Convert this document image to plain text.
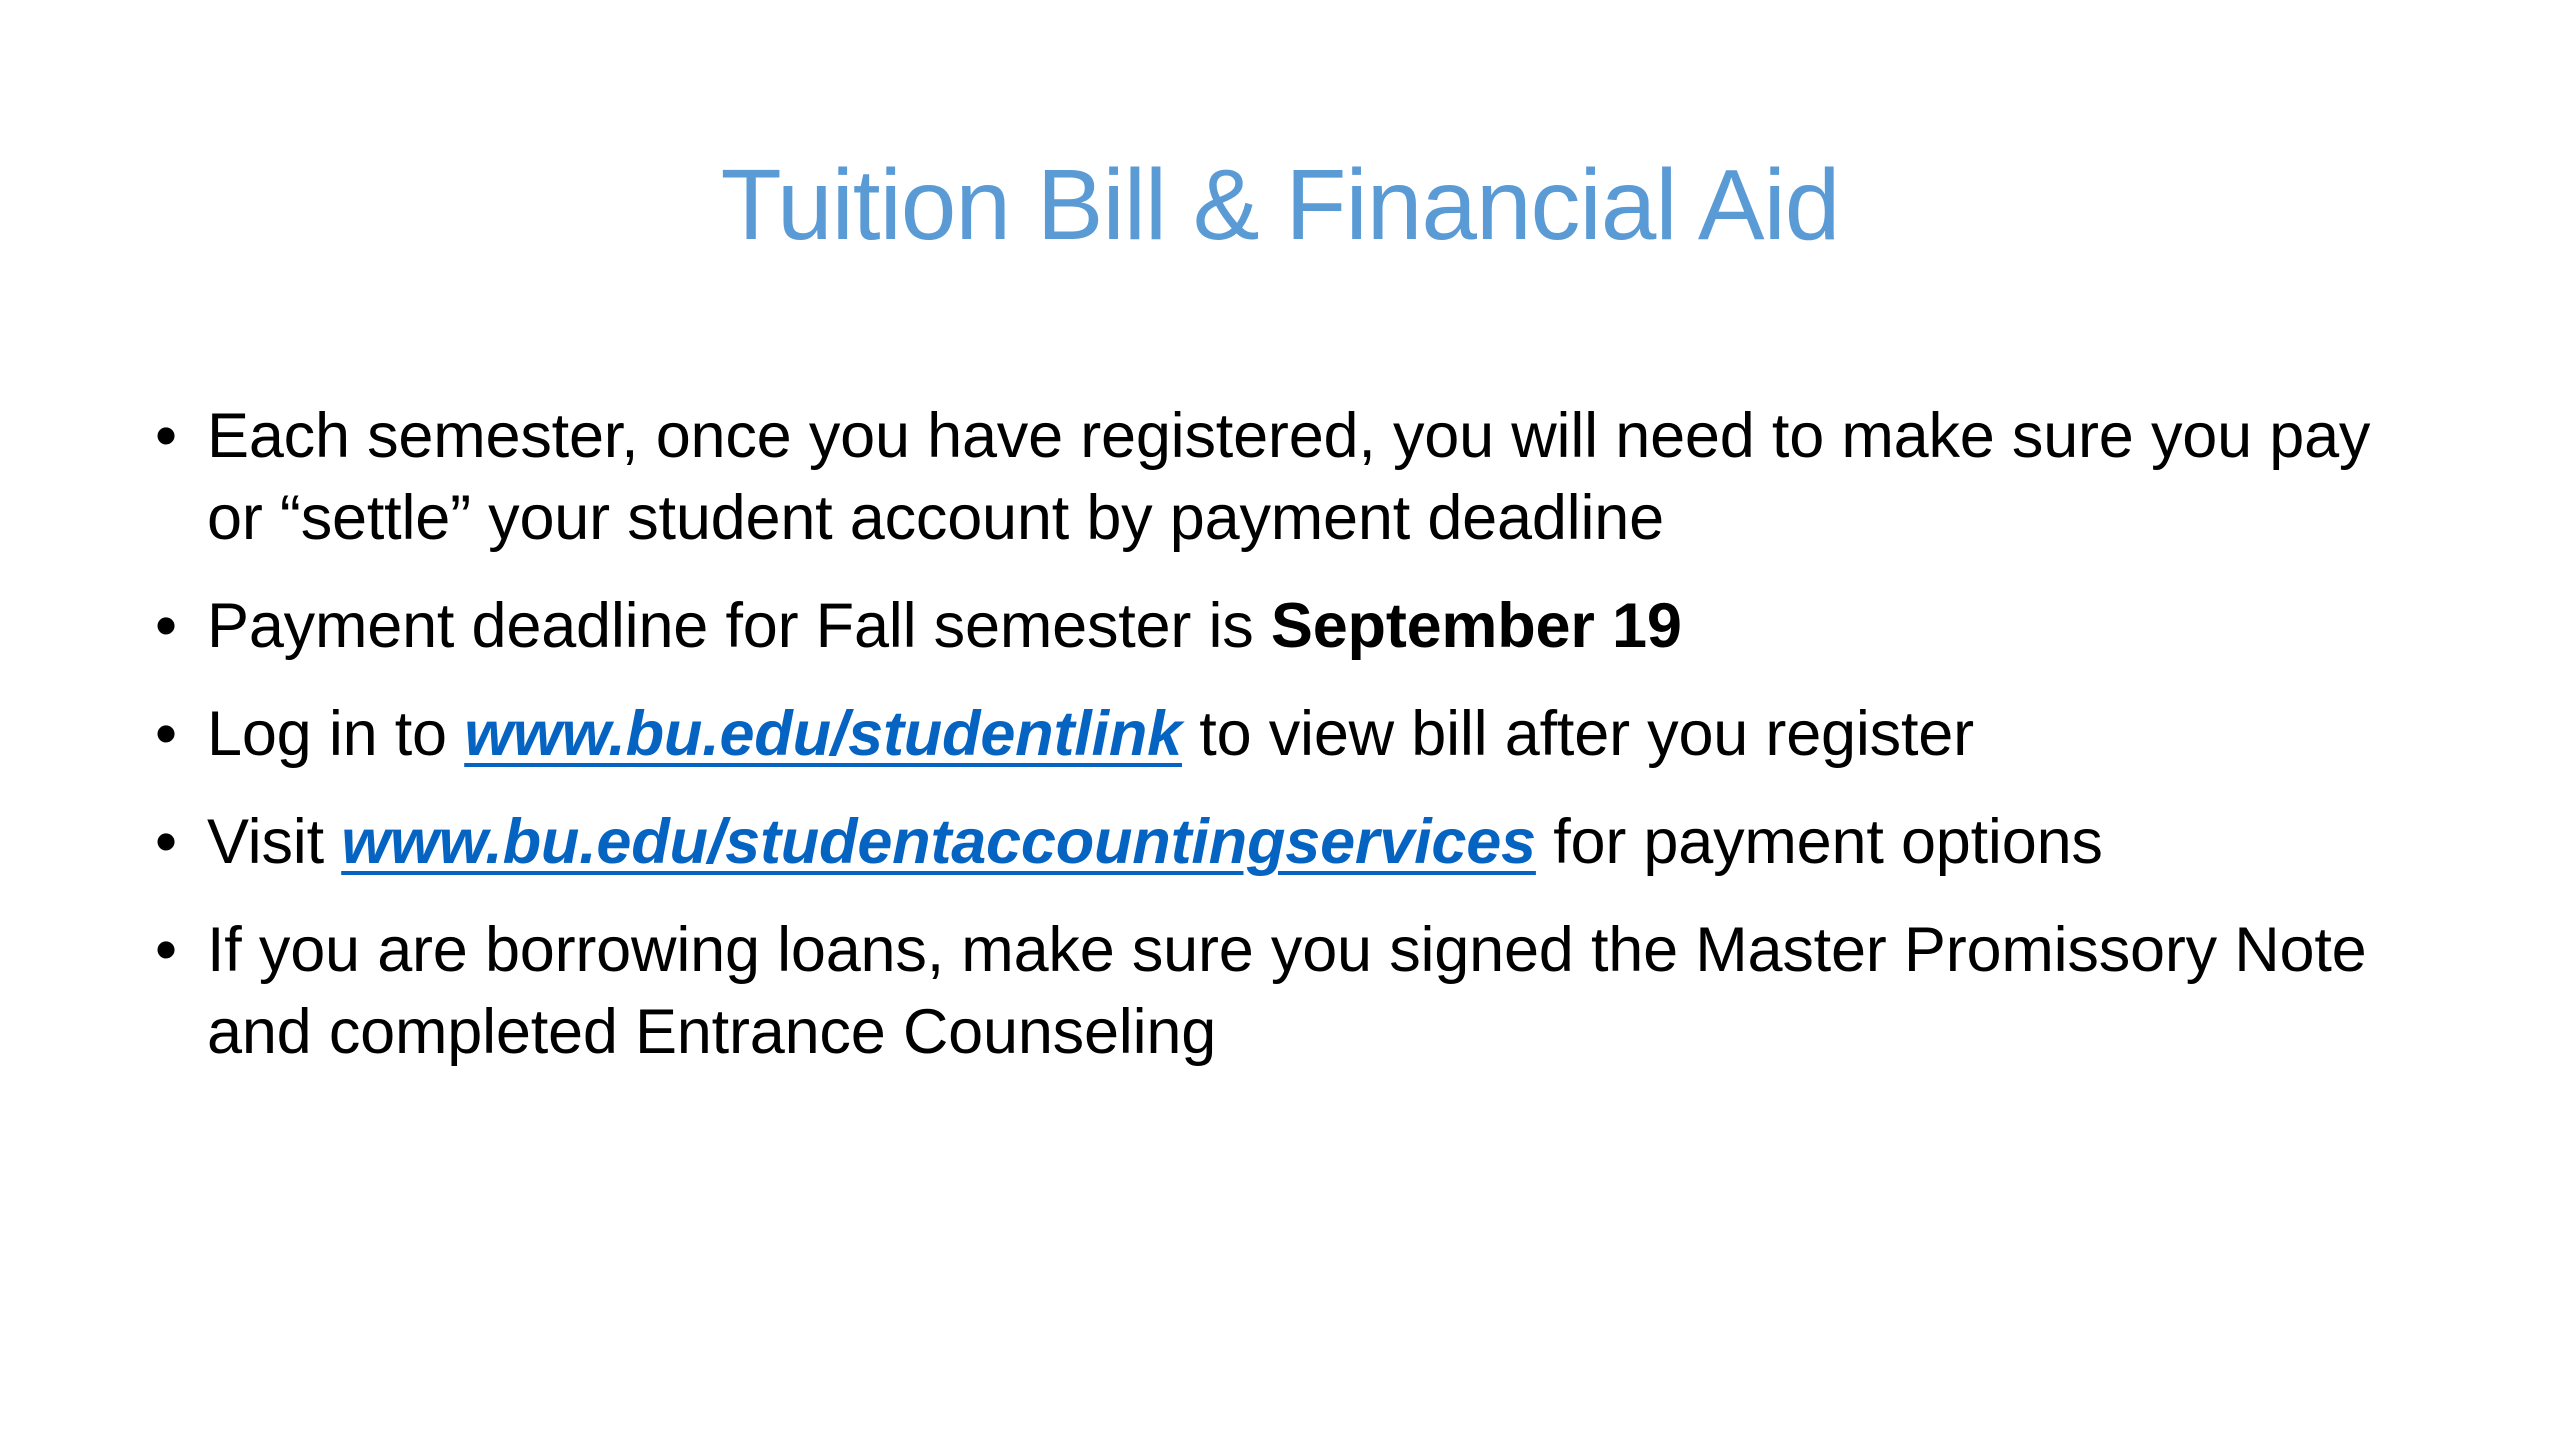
Tuition Bill & Financial Aid
• Each semester, once you have registered, you will need to make sure you pay or “settle” your student account by payment deadline
• Payment deadline for Fall semester is September 19
• Log in to www.bu.edu/studentlink to view bill after you register
• Visit www.bu.edu/studentaccountingservices for payment options
• If you are borrowing loans, make sure you signed the Master Promissory Note and completed Entrance Counseling
